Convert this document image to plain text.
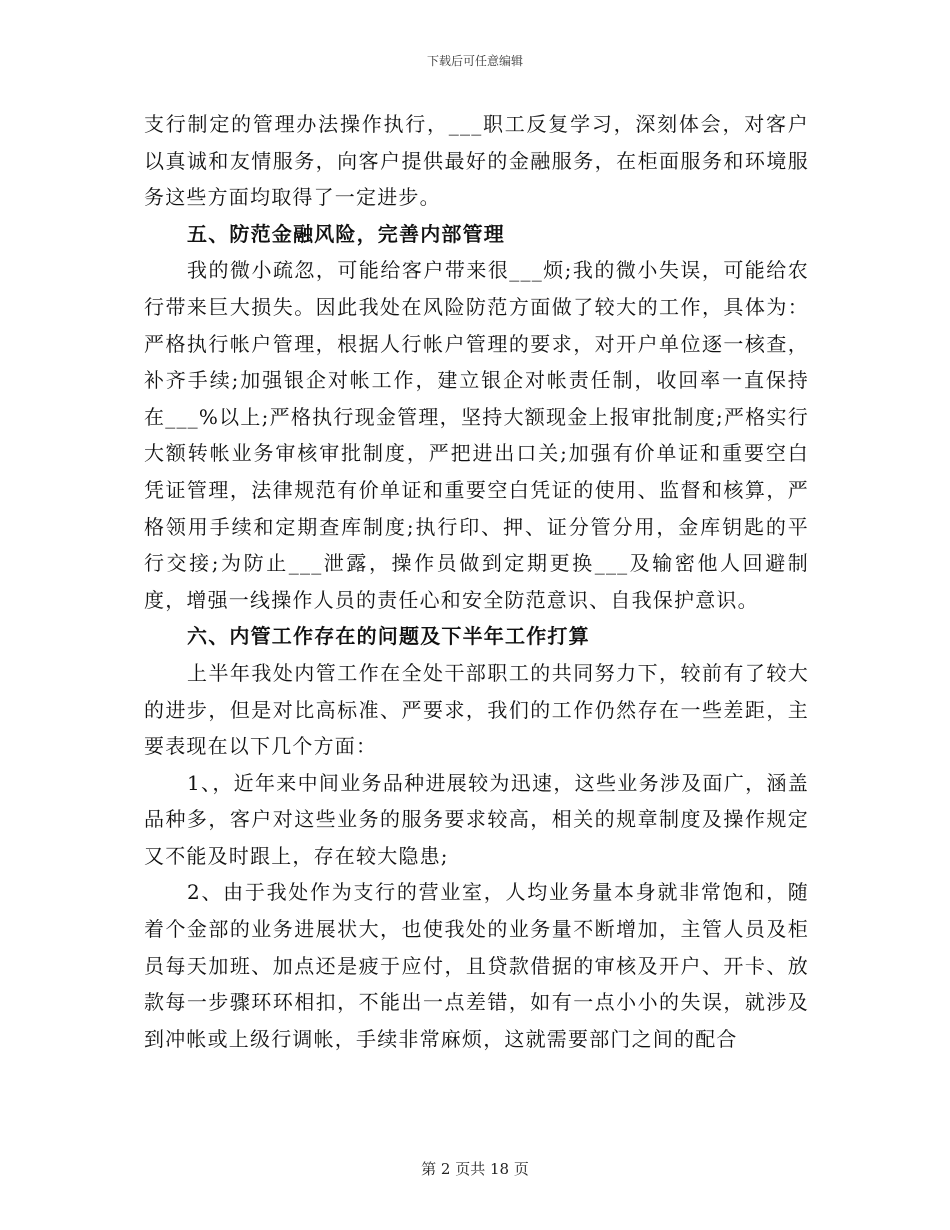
下载后可任意编辑

支行制定的管理办法操作执行，___职工反复学习，深刻体会，对客户以真诚和友情服务，向客户提供最好的金融服务，在柜面服务和环境服务这些方面均取得了一定进步。

五、防范金融风险，完善内部管理

我的微小疏忽，可能给客户带来很___烦;我的微小失误，可能给农行带来巨大损失。因此我处在风险防范方面做了较大的工作，具体为：严格执行帐户管理，根据人行帐户管理的要求，对开户单位逐一核查，补齐手续;加强银企对帐工作，建立银企对帐责任制，收回率一直保持在___%以上;严格执行现金管理，坚持大额现金上报审批制度;严格实行大额转帐业务审核审批制度，严把进出口关;加强有价单证和重要空白凭证管理，法律规范有价单证和重要空白凭证的使用、监督和核算，严格领用手续和定期查库制度;执行印、押、证分管分用，金库钥匙的平行交接;为防止___泄露，操作员做到定期更换___及输密他人回避制度，增强一线操作人员的责任心和安全防范意识、自我保护意识。

六、内管工作存在的问题及下半年工作打算

上半年我处内管工作在全处干部职工的共同努力下，较前有了较大的进步，但是对比高标准、严要求，我们的工作仍然存在一些差距，主要表现在以下几个方面：

1、，近年来中间业务品种进展较为迅速，这些业务涉及面广，涵盖品种多，客户对这些业务的服务要求较高，相关的规章制度及操作规定又不能及时跟上，存在较大隐患;

2、由于我处作为支行的营业室，人均业务量本身就非常饱和，随着个金部的业务进展状大，也使我处的业务量不断增加，主管人员及柜员每天加班、加点还是疲于应付，且贷款借据的审核及开户、开卡、放款每一步骤环环相扣，不能出一点差错，如有一点小小的失误，就涉及到冲帐或上级行调帐，手续非常麻烦，这就需要部门之间的配合

第 2 页共 18 页
